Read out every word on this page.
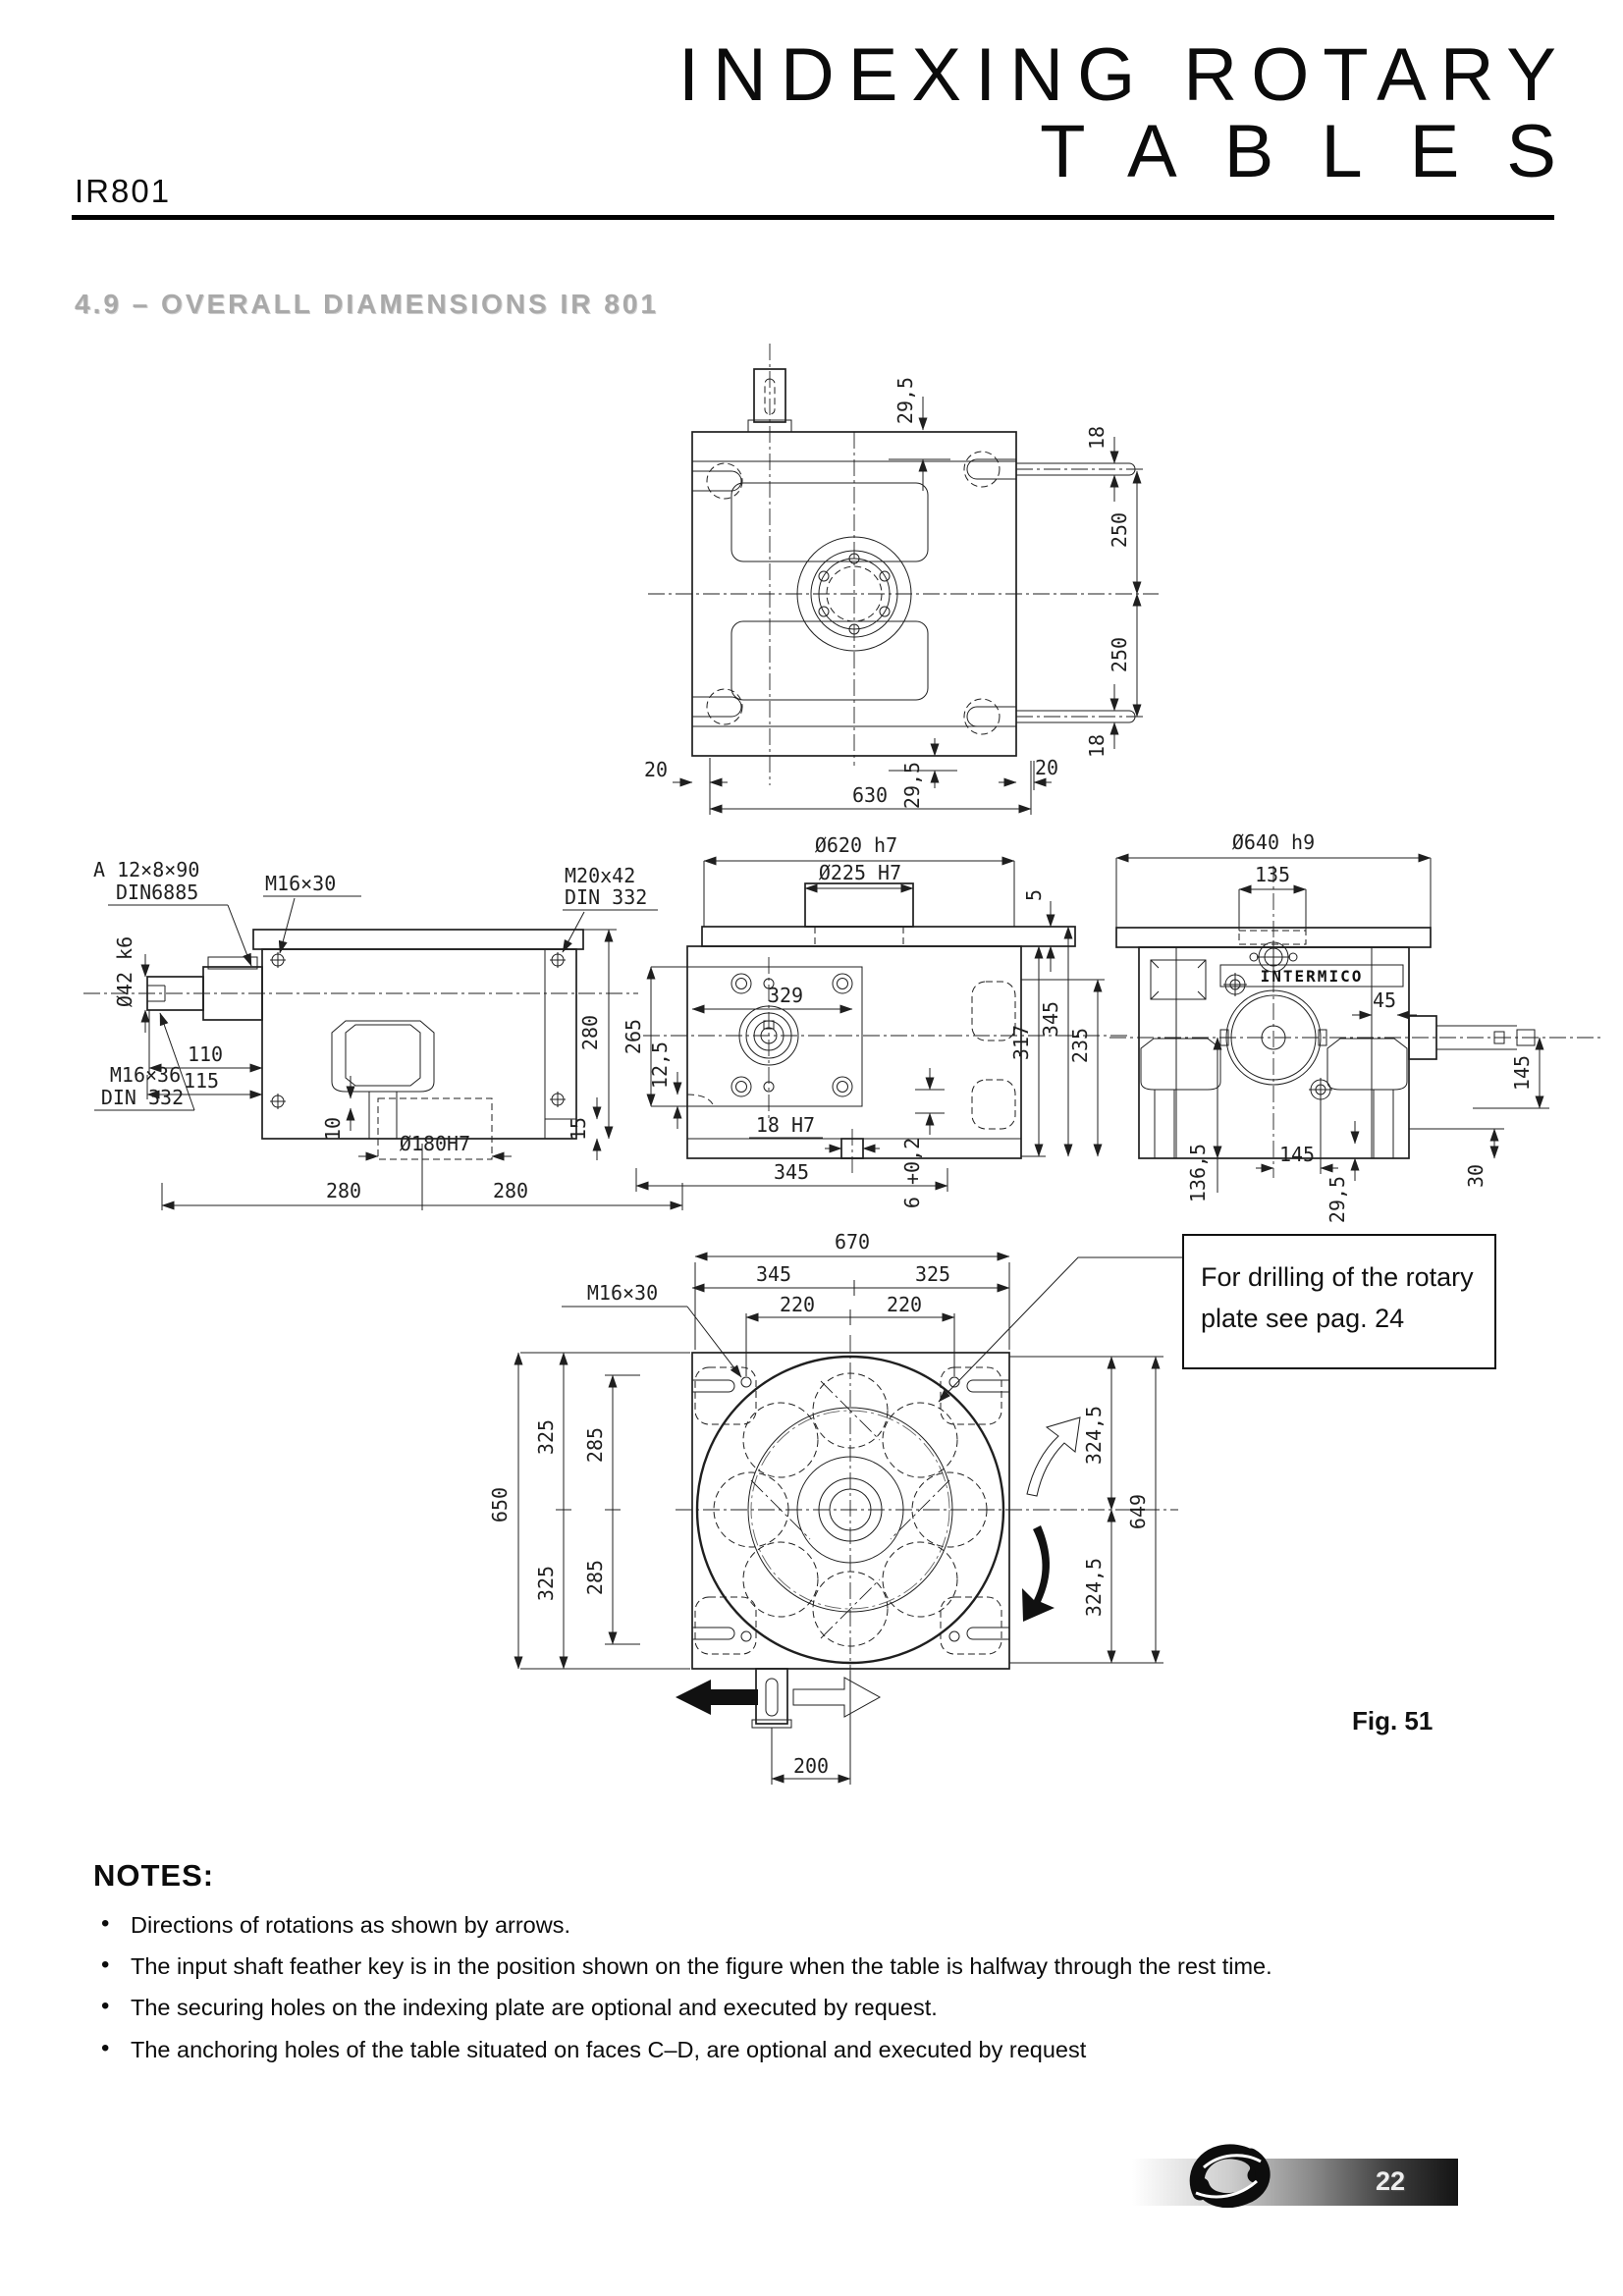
INDEXING ROTARY
TABLES
IR801
4.9 – OVERALL DIAMENSIONS IR 801
29,5
18
250
250
18
20
630 29,5	20
A 12×8×90
DIN6885	M16×30
Ø42 k6
M16×36
DIN 332
110
115
10
Ø180H7
280	280
280
15
M20x42
DIN 332
Ø620 h7
Ø225 H7
5
329
265
12,5	317
345
235
18 H7
345	6 +0,2
INTERMICO
Ø640 h9
135
45
145
136,5	145
29,5	30
670
345	325
220	220
M16×30
650
325
325
285
285
324,5
324,5
649
200
For drilling of the rotary
plate see pag. 24
Fig. 51
NOTES:
• Directions of rotations as shown by arrows.
• The input shaft feather key is in the position shown on the figure when the table is halfway through the rest time.
• The securing holes on the indexing plate are optional and executed by request.
• The anchoring holes of the table situated on faces C–D, are optional and executed by request
22
